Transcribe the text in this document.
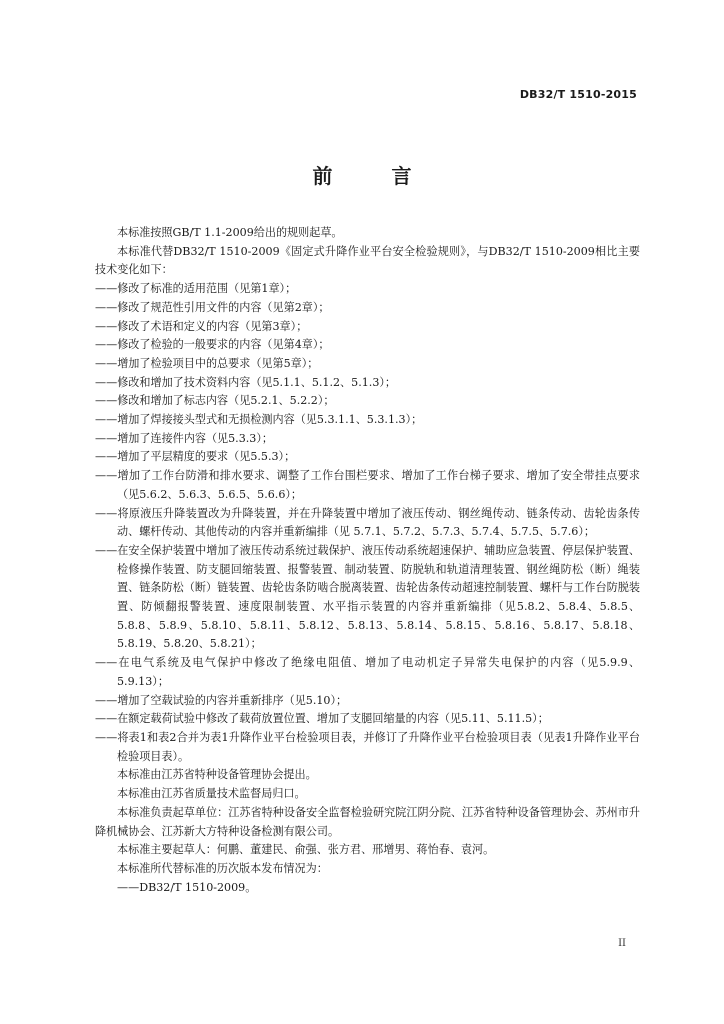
DB32/T 1510-2015
前 言

本标准按照GB/T 1.1-2009给出的规则起草。

本标准代替DB32/T 1510-2009《固定式升降作业平台安全检验规则》，与DB32/T 1510-2009相比主要技术变化如下：

——修改了标准的适用范围（见第1章）；

——修改了规范性引用文件的内容（见第2章）；

——修改了术语和定义的内容（见第3章）；

——修改了检验的一般要求的内容（见第4章）；

——增加了检验项目中的总要求（见第5章）；

——修改和增加了技术资料内容（见5.1.1、5.1.2、5.1.3）；

——修改和增加了标志内容（见5.2.1、5.2.2）；

——增加了焊接接头型式和无损检测内容（见5.3.1.1、5.3.1.3）；

——增加了连接件内容（见5.3.3）；

——增加了平层精度的要求（见5.5.3）；

——增加了工作台防滑和排水要求、调整了工作台围栏要求、增加了工作台梯子要求、增加了安全带挂点要求（见5.6.2、5.6.3、5.6.5、5.6.6）；

——将原液压升降装置改为升降装置，并在升降装置中增加了液压传动、钢丝绳传动、链条传动、齿轮齿条传动、螺杆传动、其他传动的内容并重新编排（见 5.7.1、5.7.2、5.7.3、5.7.4、5.7.5、5.7.6）；

——在安全保护装置中增加了液压传动系统过载保护、液压传动系统超速保护、辅助应急装置、停层保护装置、检修操作装置、防支腿回缩装置、报警装置、制动装置、防脱轨和轨道清理装置、钢丝绳防松（断）绳装置、链条防松（断）链装置、齿轮齿条防啮合脱离装置、齿轮齿条传动超速控制装置、螺杆与工作台防脱装置、防倾翻报警装置、速度限制装置、水平指示装置的内容并重新编排（见5.8.2、5.8.4、5.8.5、5.8.8、5.8.9、5.8.10、5.8.11、5.8.12、5.8.13、5.8.14、5.8.15、5.8.16、5.8.17、5.8.18、5.8.19、5.8.20、5.8.21）；

——在电气系统及电气保护中修改了绝缘电阻值、增加了电动机定子异常失电保护的内容（见5.9.9、5.9.13）；

——增加了空载试验的内容并重新排序（见5.10）；

——在额定载荷试验中修改了载荷放置位置、增加了支腿回缩量的内容（见5.11、5.11.5）；

——将表1和表2合并为表1升降作业平台检验项目表，并修订了升降作业平台检验项目表（见表1升降作业平台检验项目表）。

本标准由江苏省特种设备管理协会提出。

本标准由江苏省质量技术监督局归口。

本标准负责起草单位：江苏省特种设备安全监督检验研究院江阴分院、江苏省特种设备管理协会、苏州市升降机械协会、江苏新大方特种设备检测有限公司。

本标准主要起草人：何鹏、董建民、俞强、张方君、邢增男、蒋怡春、袁河。

本标准所代替标准的历次版本发布情况为：

——DB32/T 1510-2009。

II
